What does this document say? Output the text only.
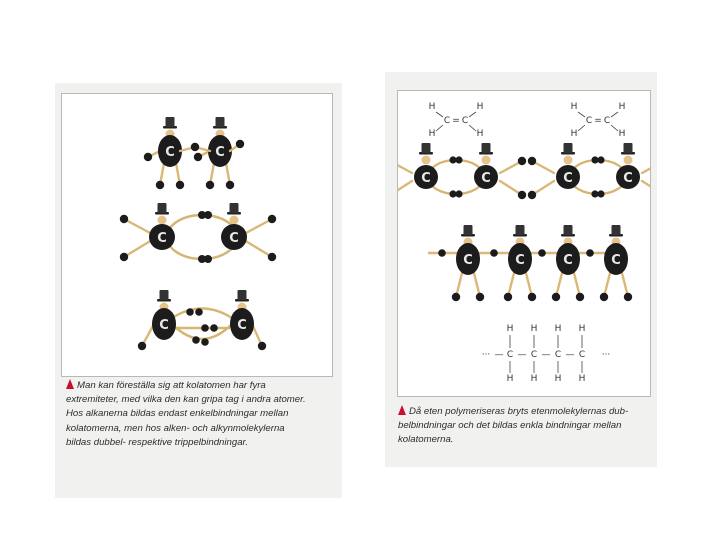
C	C
C	C
C	C
Man kan föreställa sig att kolatomen har fyra
extremiteter, med vilka den kan gripa tag i andra atomer.
Hos alkanerna bildas endast enkelbindningar mellan
kolatomerna, men hos alken- och alkynmolekylerna
bildas dubbel- respektive trippelbindningar.
H	H
H	H
C C
=
H	H
H	H
C C
=
C	C	C	C
C	C	C	C
H
H
C
H
H
C
H
H
C
H
H
C
··· — — — —	···
Då eten polymeriseras bryts etenmolekylernas dub-
belbindningar och det bildas enkla bindningar mellan
kolatomerna.
